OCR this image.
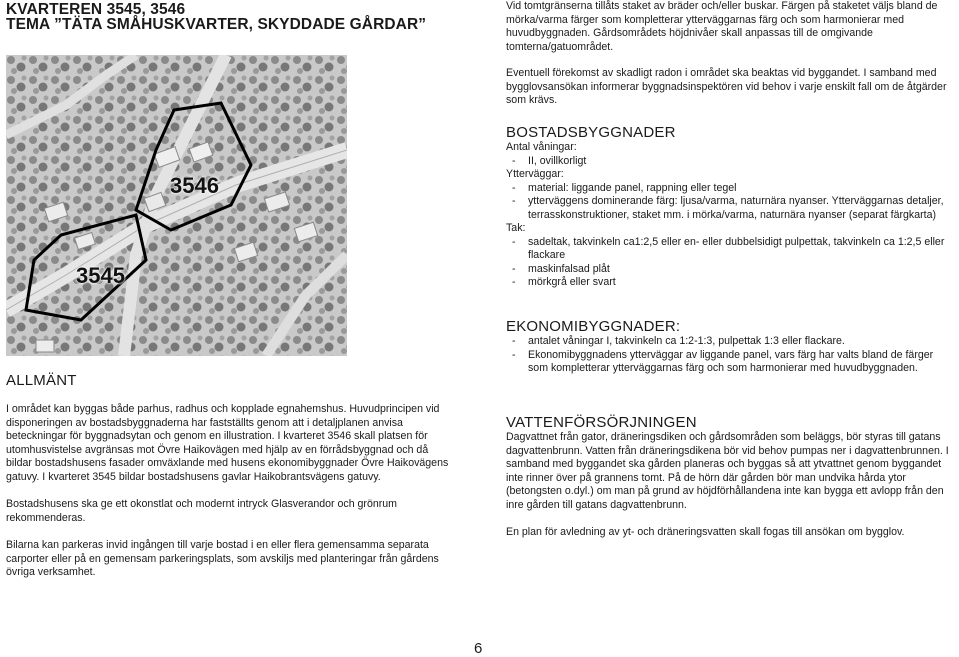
KVARTEREN 3545, 3546
TEMA ”TÄTA SMÅHUSKVARTER, SKYDDADE GÅRDAR”
3546
3545

Vid tomtgränserna tillåts staket av bräder och/eller buskar. Färgen på staketet väljs bland de mörka/varma färger som kompletterar ytterväggarnas färg och som harmonierar med huvudbyggnaden. Gårdsområdets höjdnivåer skall anpassas till de omgivande tomterna/gatuområdet.

Eventuell förekomst av skadligt radon i området ska beaktas vid byggandet. I samband med bygglovsansökan informerar byggnadsinspektören vid behov i varje enskilt fall om de åtgärder som krävs.

BOSTADSBYGGNADER
Antal våningar:
- II, ovillkorligt
Ytterväggar:
- material: liggande panel, rappning eller tegel
- ytterväggens dominerande färg: ljusa/varma, naturnära nyanser. Ytterväggarnas detaljer, terrasskonstruktioner, staket mm. i mörka/varma, naturnära nyanser (separat färgkarta)
Tak:
- sadeltak, takvinkeln ca1:2,5 eller en- eller dubbelsidigt pulpettak, takvinkeln ca 1:2,5 eller flackare
- maskinfalsad plåt
- mörkgrå eller svart
EKONOMIBYGGNADER:
- antalet våningar I, takvinkeln ca 1:2-1:3, pulpettak 1:3 eller flackare.
- Ekonomibyggnadens ytterväggar av liggande panel, vars färg har valts bland de färger som kompletterar ytterväggarnas färg och som harmonierar med huvudbyggnaden.
VATTENFÖRSÖRJNINGEN

Dagvattnet från gator, dräneringsdiken och gårdsområden som beläggs, bör styras till gatans dagvattenbrunn. Vatten från dräneringsdikena bör vid behov pumpas ner i dagvattenbrunnen. I samband med byggandet ska gården planeras och byggas så att ytvattnet genom byggandet inte rinner över på grannens tomt. På de hörn där gården bör man undvika hårda ytor (betongsten o.dyl.) om man på grund av höjdförhållandena inte kan bygga ett avlopp från den inre gården till gatans dagvattenbrunn.

En plan för avledning av yt- och dräneringsvatten skall fogas till ansökan om bygglov.

ALLMÄNT

I området kan byggas både parhus, radhus och kopplade egnahemshus. Huvudprincipen vid disponeringen av bostadsbyggnaderna har fastställts genom att i detaljplanen anvisa beteckningar för byggnadsytan och genom en illustration. I kvarteret 3546 skall platsen för utomhusvistelse avgränsas mot Övre Haikovägen med hjälp av en förrådsbyggnad och då bildar bostadshusens fasader omväxlande med husens ekonomibyggnader Övre Haikovägens gatuvy. I kvarteret 3545 bildar bostadshusens gavlar Haikobrantsvägens gatuvy.

Bostadshusens ska ge ett okonstlat och modernt intryck Glasverandor och grönrum rekommenderas.

Bilarna kan parkeras invid ingången till varje bostad i en eller flera gemensamma separata carporter eller på en gemensam parkeringsplats, som avskiljs med planteringar från gårdens övriga verksamhet.

6
